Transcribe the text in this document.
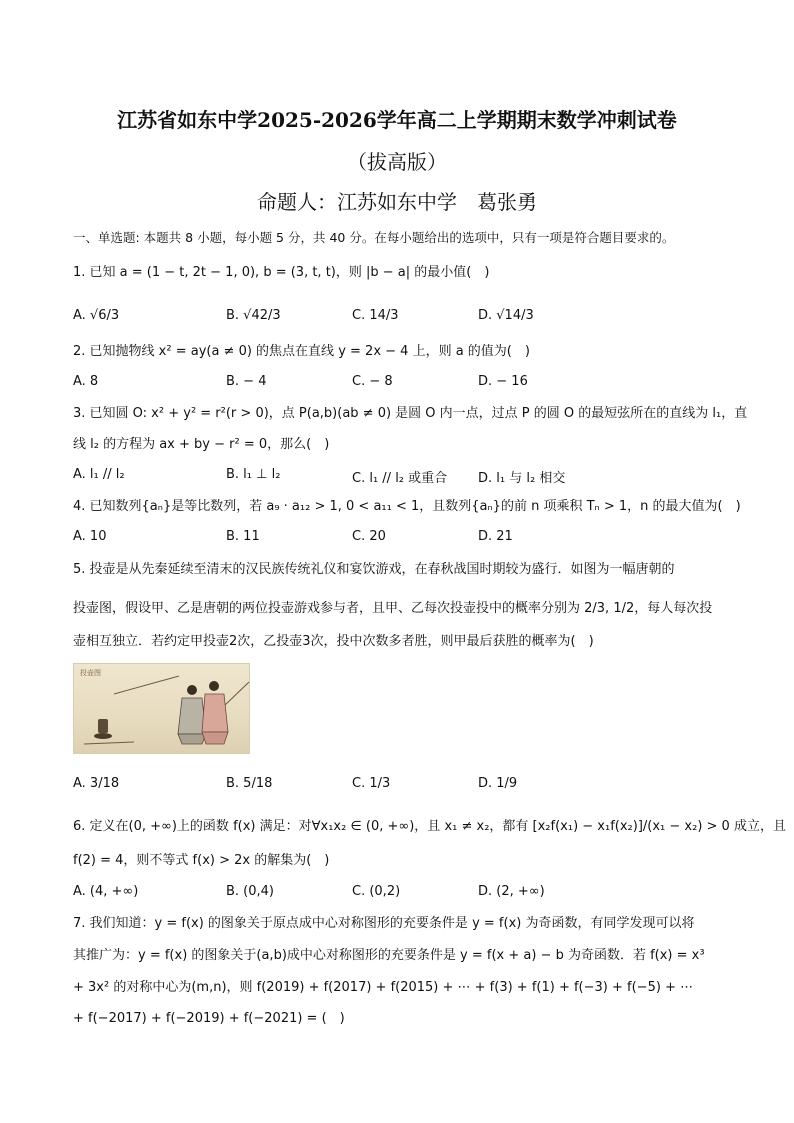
江苏省如东中学2025-2026学年高二上学期期末数学冲刺试卷
（拔高版）
命题人：江苏如东中学　葛张勇
一、单选题: 本题共 8 小题，每小题 5 分，共 40 分。在每小题给出的选项中，只有一项是符合题目要求的。
1. 已知 a = (1 − t, 2t − 1, 0), b = (3, t, t)，则 |b − a| 的最小值(　)
A. √6/3	B. √42/3	C. 14/3	D. √14/3
2. 已知抛物线 x² = ay(a ≠ 0) 的焦点在直线 y = 2x − 4 上，则 a 的值为(　)
A. 8	B. − 4	C. − 8	D. − 16
3. 已知圆 O: x² + y² = r²(r > 0)，点 P(a,b)(ab ≠ 0) 是圆 O 内一点，过点 P 的圆 O 的最短弦所在的直线为 l₁，直
线 l₂ 的方程为 ax + by − r² = 0，那么(　)
A. l₁ // l₂	B. l₁ ⊥ l₂	C. l₁ // l₂ 或重合 D. l₁ 与 l₂ 相交
4. 已知数列{aₙ}是等比数列，若 a₉ · a₁₂ > 1, 0 < a₁₁ < 1，且数列{aₙ}的前 n 项乘积 Tₙ > 1，n 的最大值为(　)
A. 10	B. 11	C. 20	D. 21
5. 投壶是从先秦延续至清末的汉民族传统礼仪和宴饮游戏，在春秋战国时期较为盛行．如图为一幅唐朝的
投壶图，假设甲、乙是唐朝的两位投壶游戏参与者，且甲、乙每次投壶投中的概率分别为 2/3, 1/2，每人每次投
壶相互独立．若约定甲投壶2次，乙投壶3次，投中次数多者胜，则甲最后获胜的概率为(　)
投壶图
A. 3/18	B. 5/18	C. 1/3	D. 1/9
6. 定义在(0, +∞)上的函数 f(x) 满足：对∀x₁x₂ ∈ (0, +∞)，且 x₁ ≠ x₂，都有 [x₂f(x₁) − x₁f(x₂)]/(x₁ − x₂) > 0 成立，且
f(2) = 4，则不等式 f(x) > 2x 的解集为(　)
A. (4, +∞)	B. (0,4)	C. (0,2)	D. (2, +∞)
7. 我们知道：y = f(x) 的图象关于原点成中心对称图形的充要条件是 y = f(x) 为奇函数，有同学发现可以将
其推广为：y = f(x) 的图象关于(a,b)成中心对称图形的充要条件是 y = f(x + a) − b 为奇函数．若 f(x) = x³
+ 3x² 的对称中心为(m,n)，则 f(2019) + f(2017) + f(2015) + ⋯ + f(3) + f(1) + f(−3) + f(−5) + ⋯
+ f(−2017) + f(−2019) + f(−2021) = (　)
